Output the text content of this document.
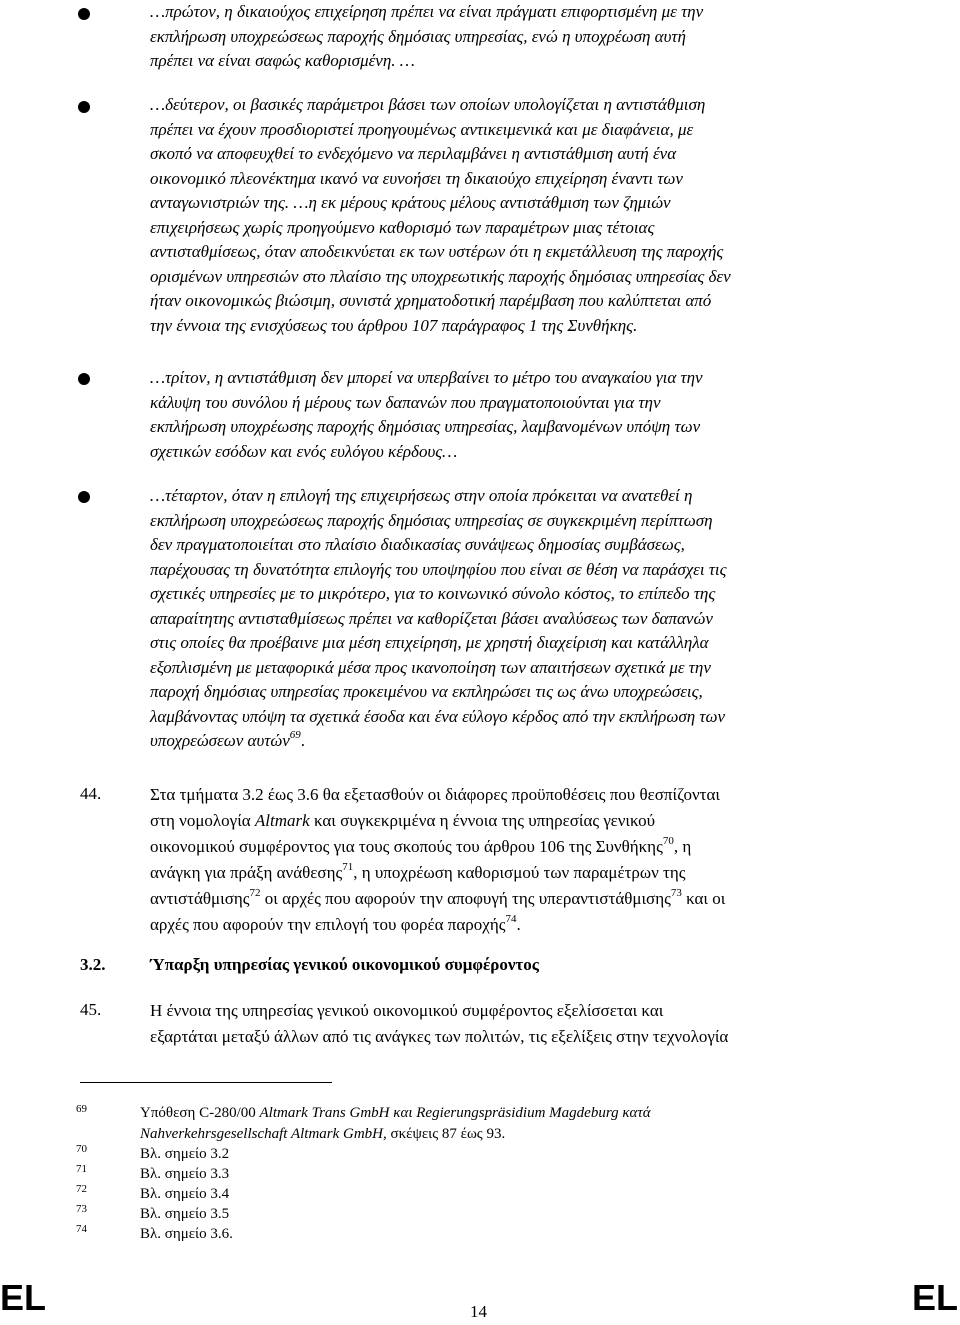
…πρώτον, η δικαιούχος επιχείρηση πρέπει να είναι πράγματι επιφορτισμένη με την
εκπλήρωση υποχρεώσεως παροχής δημόσιας υπηρεσίας, ενώ η υποχρέωση αυτή
πρέπει να είναι σαφώς καθορισμένη. …
…δεύτερον, οι βασικές παράμετροι βάσει των οποίων υπολογίζεται η αντιστάθμιση
πρέπει να έχουν προσδιοριστεί προηγουμένως αντικειμενικά και με διαφάνεια, με
σκοπό να αποφευχθεί το ενδεχόμενο να περιλαμβάνει η αντιστάθμιση αυτή ένα
οικονομικό πλεονέκτημα ικανό να ευνοήσει τη δικαιούχο επιχείρηση έναντι των
ανταγωνιστριών της. …η εκ μέρους κράτους μέλους αντιστάθμιση των ζημιών
επιχειρήσεως χωρίς προηγούμενο καθορισμό των παραμέτρων μιας τέτοιας
αντισταθμίσεως, όταν αποδεικνύεται εκ των υστέρων ότι η εκμετάλλευση της παροχής
ορισμένων υπηρεσιών στο πλαίσιο της υποχρεωτικής παροχής δημόσιας υπηρεσίας δεν
ήταν οικονομικώς βιώσιμη, συνιστά χρηματοδοτική παρέμβαση που καλύπτεται από
την έννοια της ενισχύσεως του άρθρου 107 παράγραφος 1 της Συνθήκης.
…τρίτον, η αντιστάθμιση δεν μπορεί να υπερβαίνει το μέτρο του αναγκαίου για την
κάλυψη του συνόλου ή μέρους των δαπανών που πραγματοποιούνται για την
εκπλήρωση υποχρέωσης παροχής δημόσιας υπηρεσίας, λαμβανομένων υπόψη των
σχετικών εσόδων και ενός ευλόγου κέρδους…
…τέταρτον, όταν η επιλογή της επιχειρήσεως στην οποία πρόκειται να ανατεθεί η
εκπλήρωση υποχρεώσεως παροχής δημόσιας υπηρεσίας σε συγκεκριμένη περίπτωση
δεν πραγματοποιείται στο πλαίσιο διαδικασίας συνάψεως δημοσίας συμβάσεως,
παρέχουσας τη δυνατότητα επιλογής του υποψηφίου που είναι σε θέση να παράσχει τις
σχετικές υπηρεσίες με το μικρότερο, για το κοινωνικό σύνολο κόστος, το επίπεδο της
απαραίτητης αντισταθμίσεως πρέπει να καθορίζεται βάσει αναλύσεως των δαπανών
στις οποίες θα προέβαινε μια μέση επιχείρηση, με χρηστή διαχείριση και κατάλληλα
εξοπλισμένη με μεταφορικά μέσα προς ικανοποίηση των απαιτήσεων σχετικά με την
παροχή δημόσιας υπηρεσίας προκειμένου να εκπληρώσει τις ως άνω υποχρεώσεις,
λαμβάνοντας υπόψη τα σχετικά έσοδα και ένα εύλογο κέρδος από την εκπλήρωση των
υποχρεώσεων αυτών$^{69}$.
44.	Στα τμήματα 3.2 έως 3.6 θα εξετασθούν οι διάφορες προϋποθέσεις που θεσπίζονται
στη νομολογία Altmark και συγκεκριμένα η έννοια της υπηρεσίας γενικού
οικονομικού συμφέροντος για τους σκοπούς του άρθρου 106 της Συνθήκης$^{70}$, η
ανάγκη για πράξη ανάθεσης$^{71}$, η υποχρέωση καθορισμού των παραμέτρων της
αντιστάθμισης$^{72}$ οι αρχές που αφορούν την αποφυγή της υπεραντιστάθμισης$^{73}$ και οι
αρχές που αφορούν την επιλογή του φορέα παροχής$^{74}$.
3.2.	Ύπαρξη υπηρεσίας γενικού οικονομικού συμφέροντος
45.	Η έννοια της υπηρεσίας γενικού οικονομικού συμφέροντος εξελίσσεται και
εξαρτάται μεταξύ άλλων από τις ανάγκες των πολιτών, τις εξελίξεις στην τεχνολογία
69	Υπόθεση C-280/00 Altmark Trans GmbH και Regierungspräsidium Magdeburg κατά
Nahverkehrsgesellschaft Altmark GmbH, σκέψεις 87 έως 93.
70	Βλ. σημείο 3.2
71	Βλ. σημείο 3.3
72	Βλ. σημείο 3.4
73	Βλ. σημείο 3.5
74	Βλ. σημείο 3.6.
EL	14	EL
